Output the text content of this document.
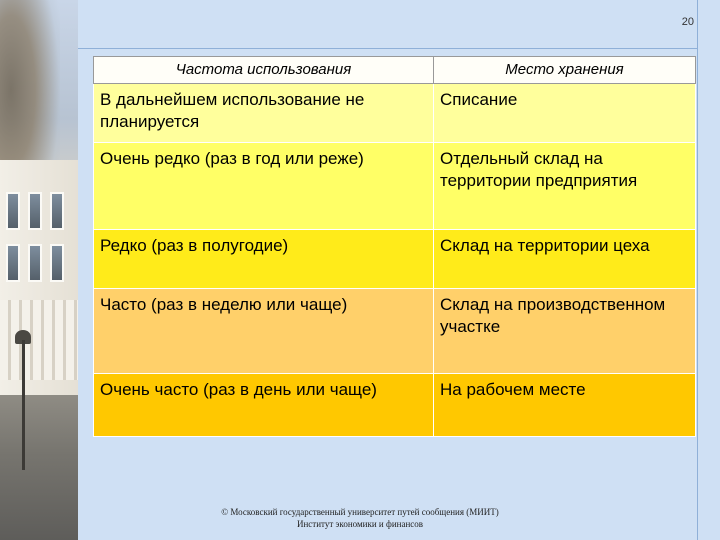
20
Частота использования	Место хранения

В дальнейшем использование не планируется	Списание

Очень редко (раз в год или реже)	Отдельный склад на территории предприятия

Редко (раз в полугодие)	Склад на территории цеха

Часто (раз в неделю или чаще)	Склад на производственном участке

Очень часто (раз в день или чаще)	На рабочем месте
© Московский государственный университет путей сообщения (МИИТ)
Институт экономики и финансов
